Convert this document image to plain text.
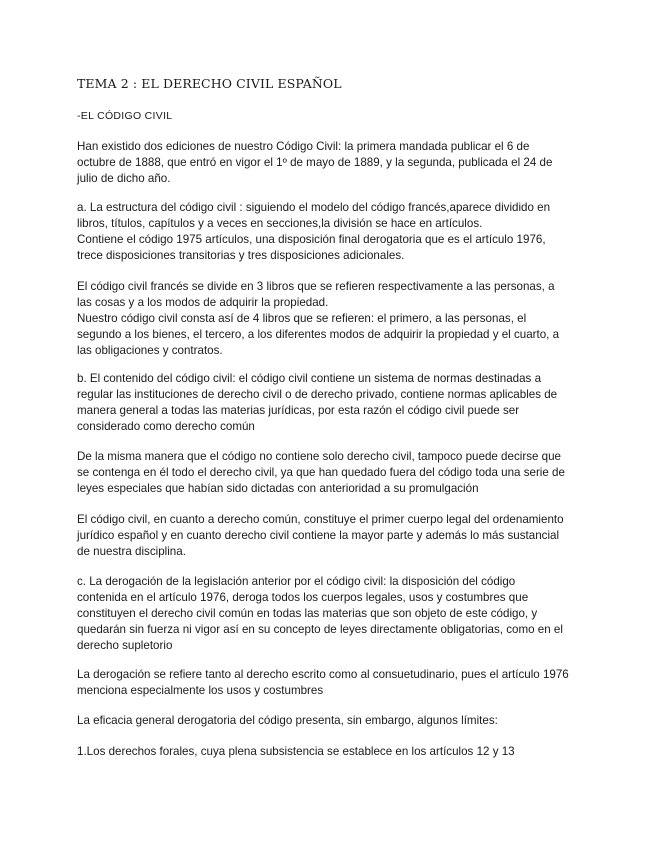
TEMA 2 : EL DERECHO CIVIL ESPAÑOL

-EL CÓDIGO CIVIL

Han existido dos ediciones de nuestro Código Civil: la primera mandada publicar el 6 de
octubre de 1888, que entró en vigor el 1º de mayo de 1889, y la segunda, publicada el 24 de
julio de dicho año.

a. La estructura del código civil : siguiendo el modelo del código francés,aparece dividido en
libros, títulos, capítulos y a veces en secciones,la división se hace en artículos.
Contiene el código 1975 artículos, una disposición final derogatoria que es el artículo 1976,
trece disposiciones transitorias y tres disposiciones adicionales.

El código civil francés se divide en 3 libros que se refieren respectivamente a las personas, a
las cosas y a los modos de adquirir la propiedad.
Nuestro código civil consta así de 4 libros que se refieren: el primero, a las personas, el
segundo a los bienes, el tercero, a los diferentes modos de adquirir la propiedad y el cuarto, a
las obligaciones y contratos.

b. El contenido del código civil: el código civil contiene un sistema de normas destinadas a
regular las instituciones de derecho civil o de derecho privado, contiene normas aplicables de
manera general a todas las materias jurídicas, por esta razón el código civil puede ser
considerado como derecho común

De la misma manera que el código no contiene solo derecho civil, tampoco puede decirse que
se contenga en él todo el derecho civil, ya que han quedado fuera del código toda una serie de
leyes especiales que habían sido dictadas con anterioridad a su promulgación

El código civil, en cuanto a derecho común, constituye el primer cuerpo legal del ordenamiento
jurídico español y en cuanto derecho civil contiene la mayor parte y además lo más sustancial
de nuestra disciplina.

c. La derogación de la legislación anterior por el código civil: la disposición del código
contenida en el artículo 1976, deroga todos los cuerpos legales, usos y costumbres que
constituyen el derecho civil común en todas las materias que son objeto de este código, y
quedarán sin fuerza ni vigor así en su concepto de leyes directamente obligatorias, como en el
derecho supletorio

La derogación se refiere tanto al derecho escrito como al consuetudinario, pues el artículo 1976
menciona especialmente los usos y costumbres

La eficacia general derogatoria del código presenta, sin embargo, algunos límites:

1.Los derechos forales, cuya plena subsistencia se establece en los artículos 12 y 13
